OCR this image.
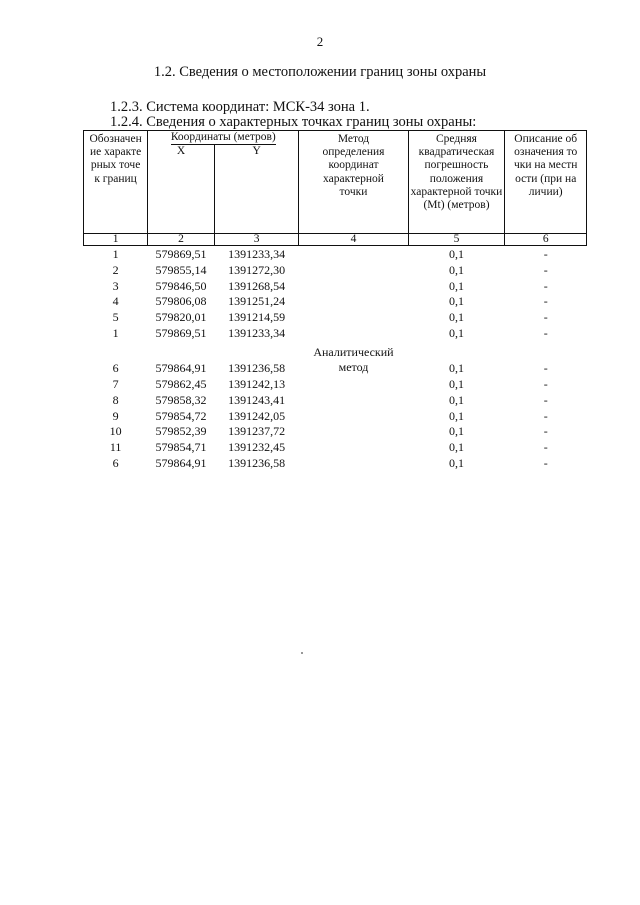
2
1.2. Сведения о местоположении границ зоны охраны
1.2.3. Система координат: МСК-34 зона 1.
1.2.4. Сведения о характерных точках границ зоны охраны:
Обозначение характерных точек границ	Координаты (метров)		Метод определения координат характерной точки	Средняя квадратическая погрешность положения характерной точки (Mt) (метров)	Описание обозначения точки на местности (при наличии)

	X	Y			
1	2	3	4	5	6
1	579869,51	1391233,34		0,1	-
2	579855,14	1391272,30		0,1	-
3	579846,50	1391268,54		0,1	-
4	579806,08	1391251,24		0,1	-
5	579820,01	1391214,59		0,1	-
1	579869,51	1391233,34		0,1	-

			Аналитический метод		

6	579864,91	1391236,58		0,1	-
7	579862,45	1391242,13		0,1	-
8	579858,32	1391243,41		0,1	-
9	579854,72	1391242,05		0,1	-
10	579852,39	1391237,72		0,1	-
11	579854,71	1391232,45		0,1	-
6	579864,91	1391236,58		0,1	-
